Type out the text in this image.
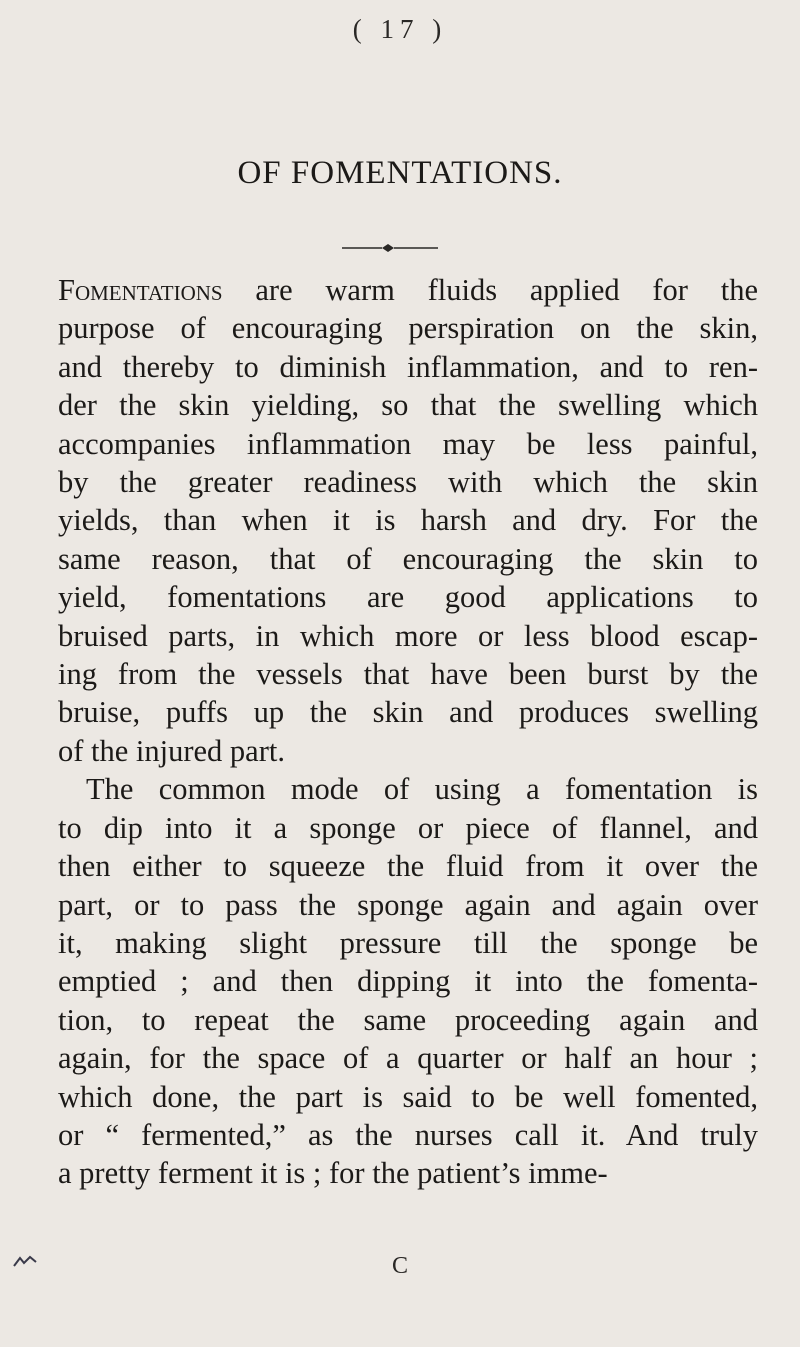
( 17 )
OF FOMENTATIONS.
Fomentations are warm fluids applied for the
purpose of encouraging perspiration on the skin,
and thereby to diminish inflammation, and to ren-
der the skin yielding, so that the swelling which
accompanies inflammation may be less painful,
by the greater readiness with which the skin
yields, than when it is harsh and dry. For the
same reason, that of encouraging the skin to
yield, fomentations are good applications to
bruised parts, in which more or less blood escap-
ing from the vessels that have been burst by the
bruise, puffs up the skin and produces swelling
of the injured part.
The common mode of using a fomentation is
to dip into it a sponge or piece of flannel, and
then either to squeeze the fluid from it over the
part, or to pass the sponge again and again over
it, making slight pressure till the sponge be
emptied ; and then dipping it into the fomenta-
tion, to repeat the same proceeding again and
again, for the space of a quarter or half an hour ;
which done, the part is said to be well fomented,
or “ fermented,” as the nurses call it. And truly
a pretty ferment it is ; for the patient’s imme-
C
